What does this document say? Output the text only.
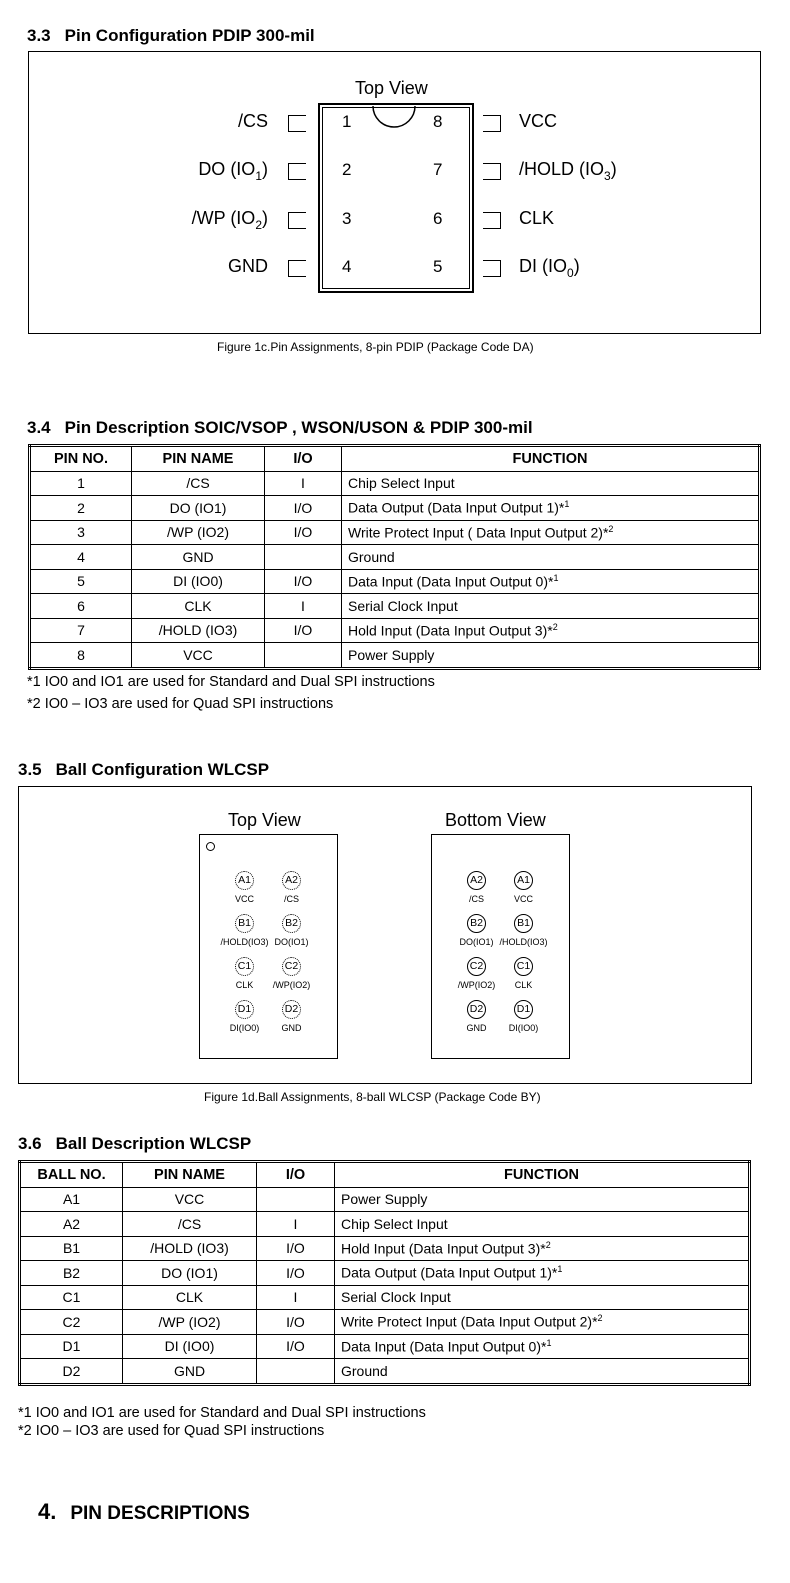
3.3 Pin Configuration PDIP 300-mil
Top View
1
/CS
2
DO $(IO_1)$
3
/WP $(IO_2)$
4
GND
8	VCC
7	/HOLD $(IO_3)$
6	CLK
5	DI $(IO_0)$
Figure 1c.Pin Assignments, 8-pin PDIP (Package Code DA)
3.4 Pin Description SOIC/VSOP , WSON/USON & PDIP 300-mil
PIN NO.	PIN NAME	I/O	FUNCTION
1	/CS	I	Chip Select Input
2	DO (IO1)	I/O	Data Output (Data Input Output 1)*$^1$
3	/WP (IO2)	I/O	Write Protect Input ( Data Input Output 2)*$^2$
4	GND		Ground
5	DI (IO0)	I/O	Data Input (Data Input Output 0)*$^1$
6	CLK	I	Serial Clock Input
7	/HOLD (IO3)	I/O	Hold Input (Data Input Output 3)*$^2$
8	VCC		Power Supply
*1 IO0 and IO1 are used for Standard and Dual SPI instructions
*2 IO0 – IO3 are used for Quad SPI instructions
3.5 Ball Configuration WLCSP
Top View	Bottom View
A1
VCC
A2
/CS
B1
/HOLD(IO3)
B2
DO(IO1)
C1
CLK
C2
/WP(IO2)
D1
DI(IO0)
D2
GND
A2
/CS
A1
VCC
B2
DO(IO1)
B1
/HOLD(IO3)
C2
/WP(IO2)
C1
CLK
D2
GND
D1
DI(IO0)
Figure 1d.Ball Assignments, 8-ball WLCSP (Package Code BY)
3.6 Ball Description WLCSP
BALL NO.	PIN NAME	I/O	FUNCTION
A1	VCC		Power Supply
A2	/CS	I	Chip Select Input
B1	/HOLD (IO3)	I/O	Hold Input (Data Input Output 3)*$^2$
B2	DO (IO1)	I/O	Data Output (Data Input Output 1)*$^1$
C1	CLK	I	Serial Clock Input
C2	/WP (IO2)	I/O	Write Protect Input (Data Input Output 2)*$^2$
D1	DI (IO0)	I/O	Data Input (Data Input Output 0)*$^1$
D2	GND		Ground
*1 IO0 and IO1 are used for Standard and Dual SPI instructions
*2 IO0 – IO3 are used for Quad SPI instructions
4. PIN DESCRIPTIONS
